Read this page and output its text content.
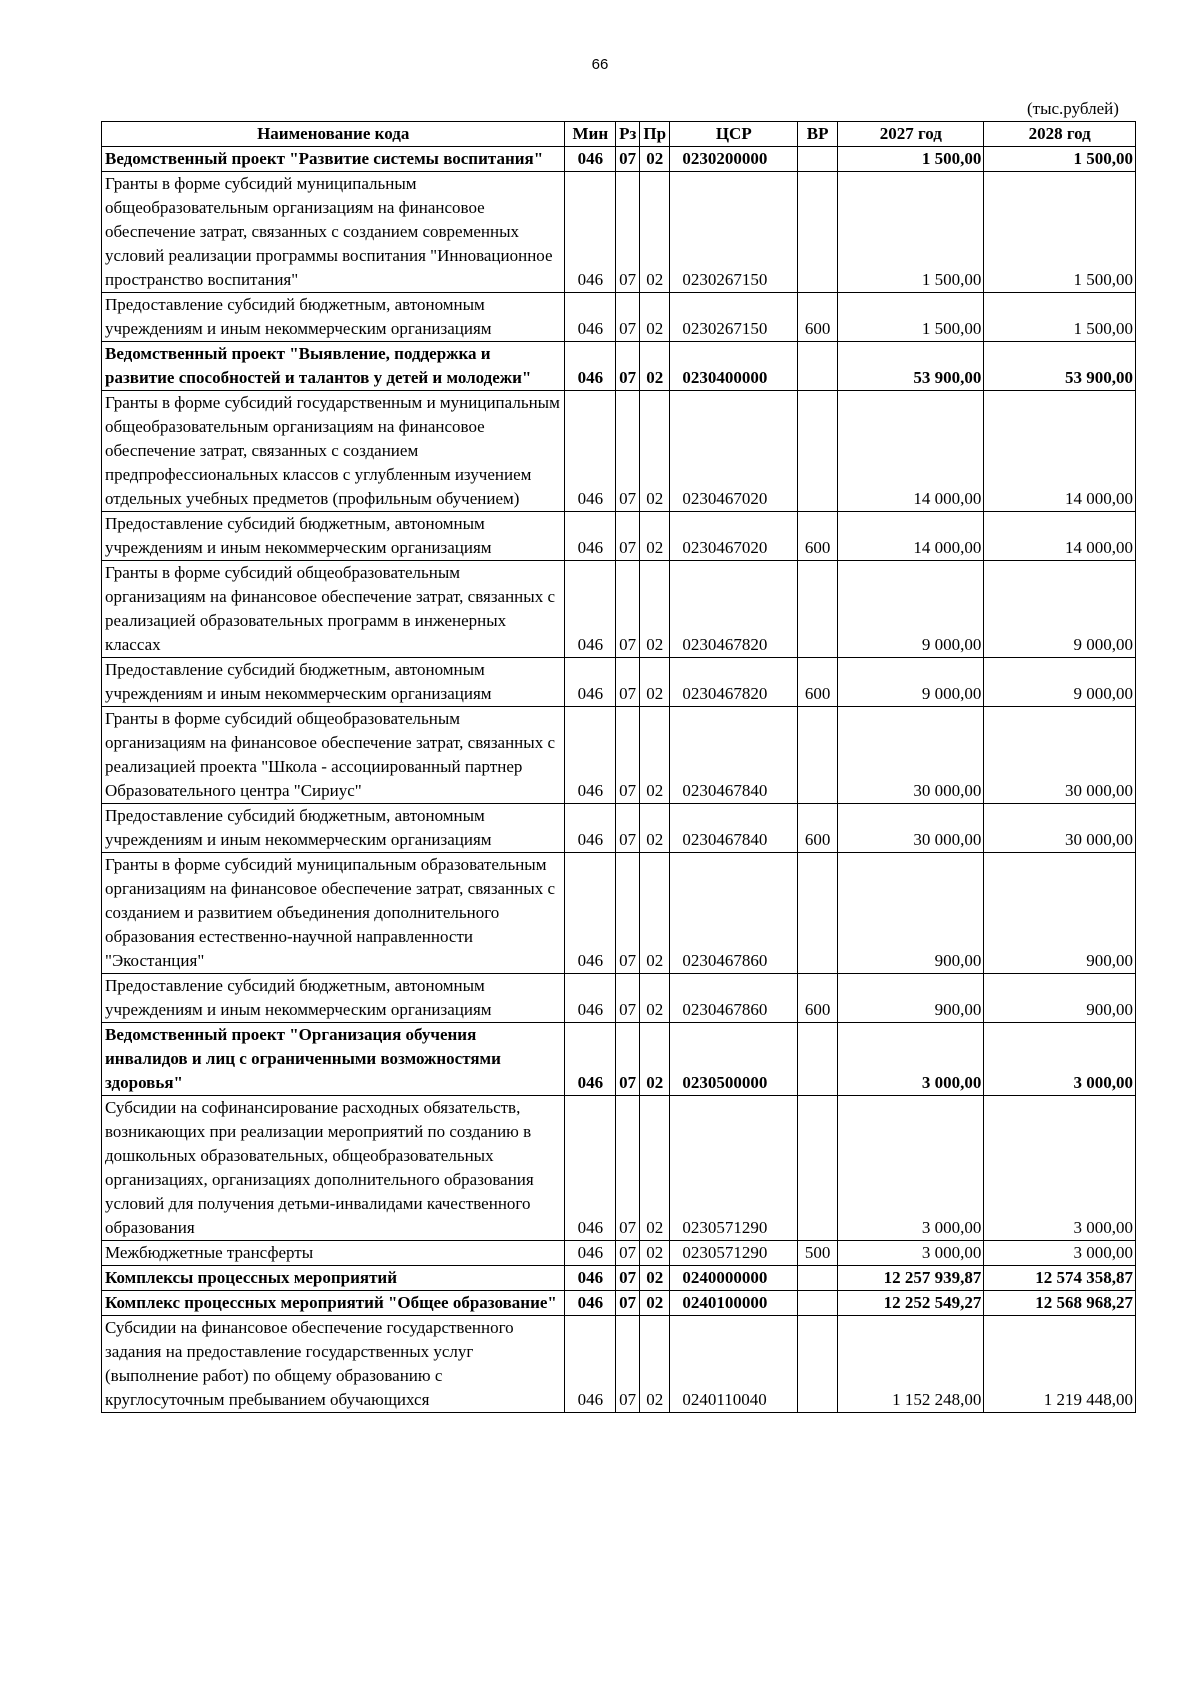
66
(тыс.рублей)
Наименование кода	Мин	Рз	Пр	ЦСР	ВР	2027 год	2028 год
Ведомственный проект "Развитие системы воспитания"	046	07	02	0230200000		1 500,00	1 500,00
Гранты в форме субсидий муниципальным общеобразовательным организациям на финансовое обеспечение затрат, связанных с созданием современных условий реализации программы воспитания "Инновационное пространство воспитания"	046	07	02	0230267150		1 500,00	1 500,00
Предоставление субсидий бюджетным, автономным учреждениям и иным некоммерческим организациям	046	07	02	0230267150	600	1 500,00	1 500,00
Ведомственный проект "Выявление, поддержка и развитие способностей и талантов у детей и молодежи"	046	07	02	0230400000		53 900,00	53 900,00
Гранты в форме субсидий государственным и муниципальным общеобразовательным организациям на финансовое обеспечение затрат, связанных с созданием предпрофессиональных классов с углубленным изучением отдельных учебных предметов (профильным обучением)	046	07	02	0230467020		14 000,00	14 000,00
Предоставление субсидий бюджетным, автономным учреждениям и иным некоммерческим организациям	046	07	02	0230467020	600	14 000,00	14 000,00
Гранты в форме субсидий общеобразовательным организациям на финансовое обеспечение затрат, связанных с реализацией образовательных программ в инженерных классах	046	07	02	0230467820		9 000,00	9 000,00
Предоставление субсидий бюджетным, автономным учреждениям и иным некоммерческим организациям	046	07	02	0230467820	600	9 000,00	9 000,00
Гранты в форме субсидий общеобразовательным организациям на финансовое обеспечение затрат, связанных с реализацией проекта "Школа - ассоциированный партнер Образовательного центра "Сириус"	046	07	02	0230467840		30 000,00	30 000,00
Предоставление субсидий бюджетным, автономным учреждениям и иным некоммерческим организациям	046	07	02	0230467840	600	30 000,00	30 000,00
Гранты в форме субсидий муниципальным образовательным организациям на финансовое обеспечение затрат, связанных с созданием и развитием объединения дополнительного образования естественно-научной направленности "Экостанция"	046	07	02	0230467860		900,00	900,00
Предоставление субсидий бюджетным, автономным учреждениям и иным некоммерческим организациям	046	07	02	0230467860	600	900,00	900,00
Ведомственный проект "Организация обучения инвалидов и лиц с ограниченными возможностями здоровья"	046	07	02	0230500000		3 000,00	3 000,00
Субсидии на софинансирование расходных обязательств, возникающих при реализации мероприятий по созданию в дошкольных образовательных, общеобразовательных организациях, организациях дополнительного образования условий для получения детьми-инвалидами качественного образования	046	07	02	0230571290		3 000,00	3 000,00
Межбюджетные трансферты	046	07	02	0230571290	500	3 000,00	3 000,00
Комплексы процессных мероприятий	046	07	02	0240000000		12 257 939,87	12 574 358,87
Комплекс процессных мероприятий "Общее образование"	046	07	02	0240100000		12 252 549,27	12 568 968,27
Субсидии на финансовое обеспечение государственного задания на предоставление государственных услуг (выполнение работ) по общему образованию с круглосуточным пребыванием обучающихся	046	07	02	0240110040		1 152 248,00	1 219 448,00
